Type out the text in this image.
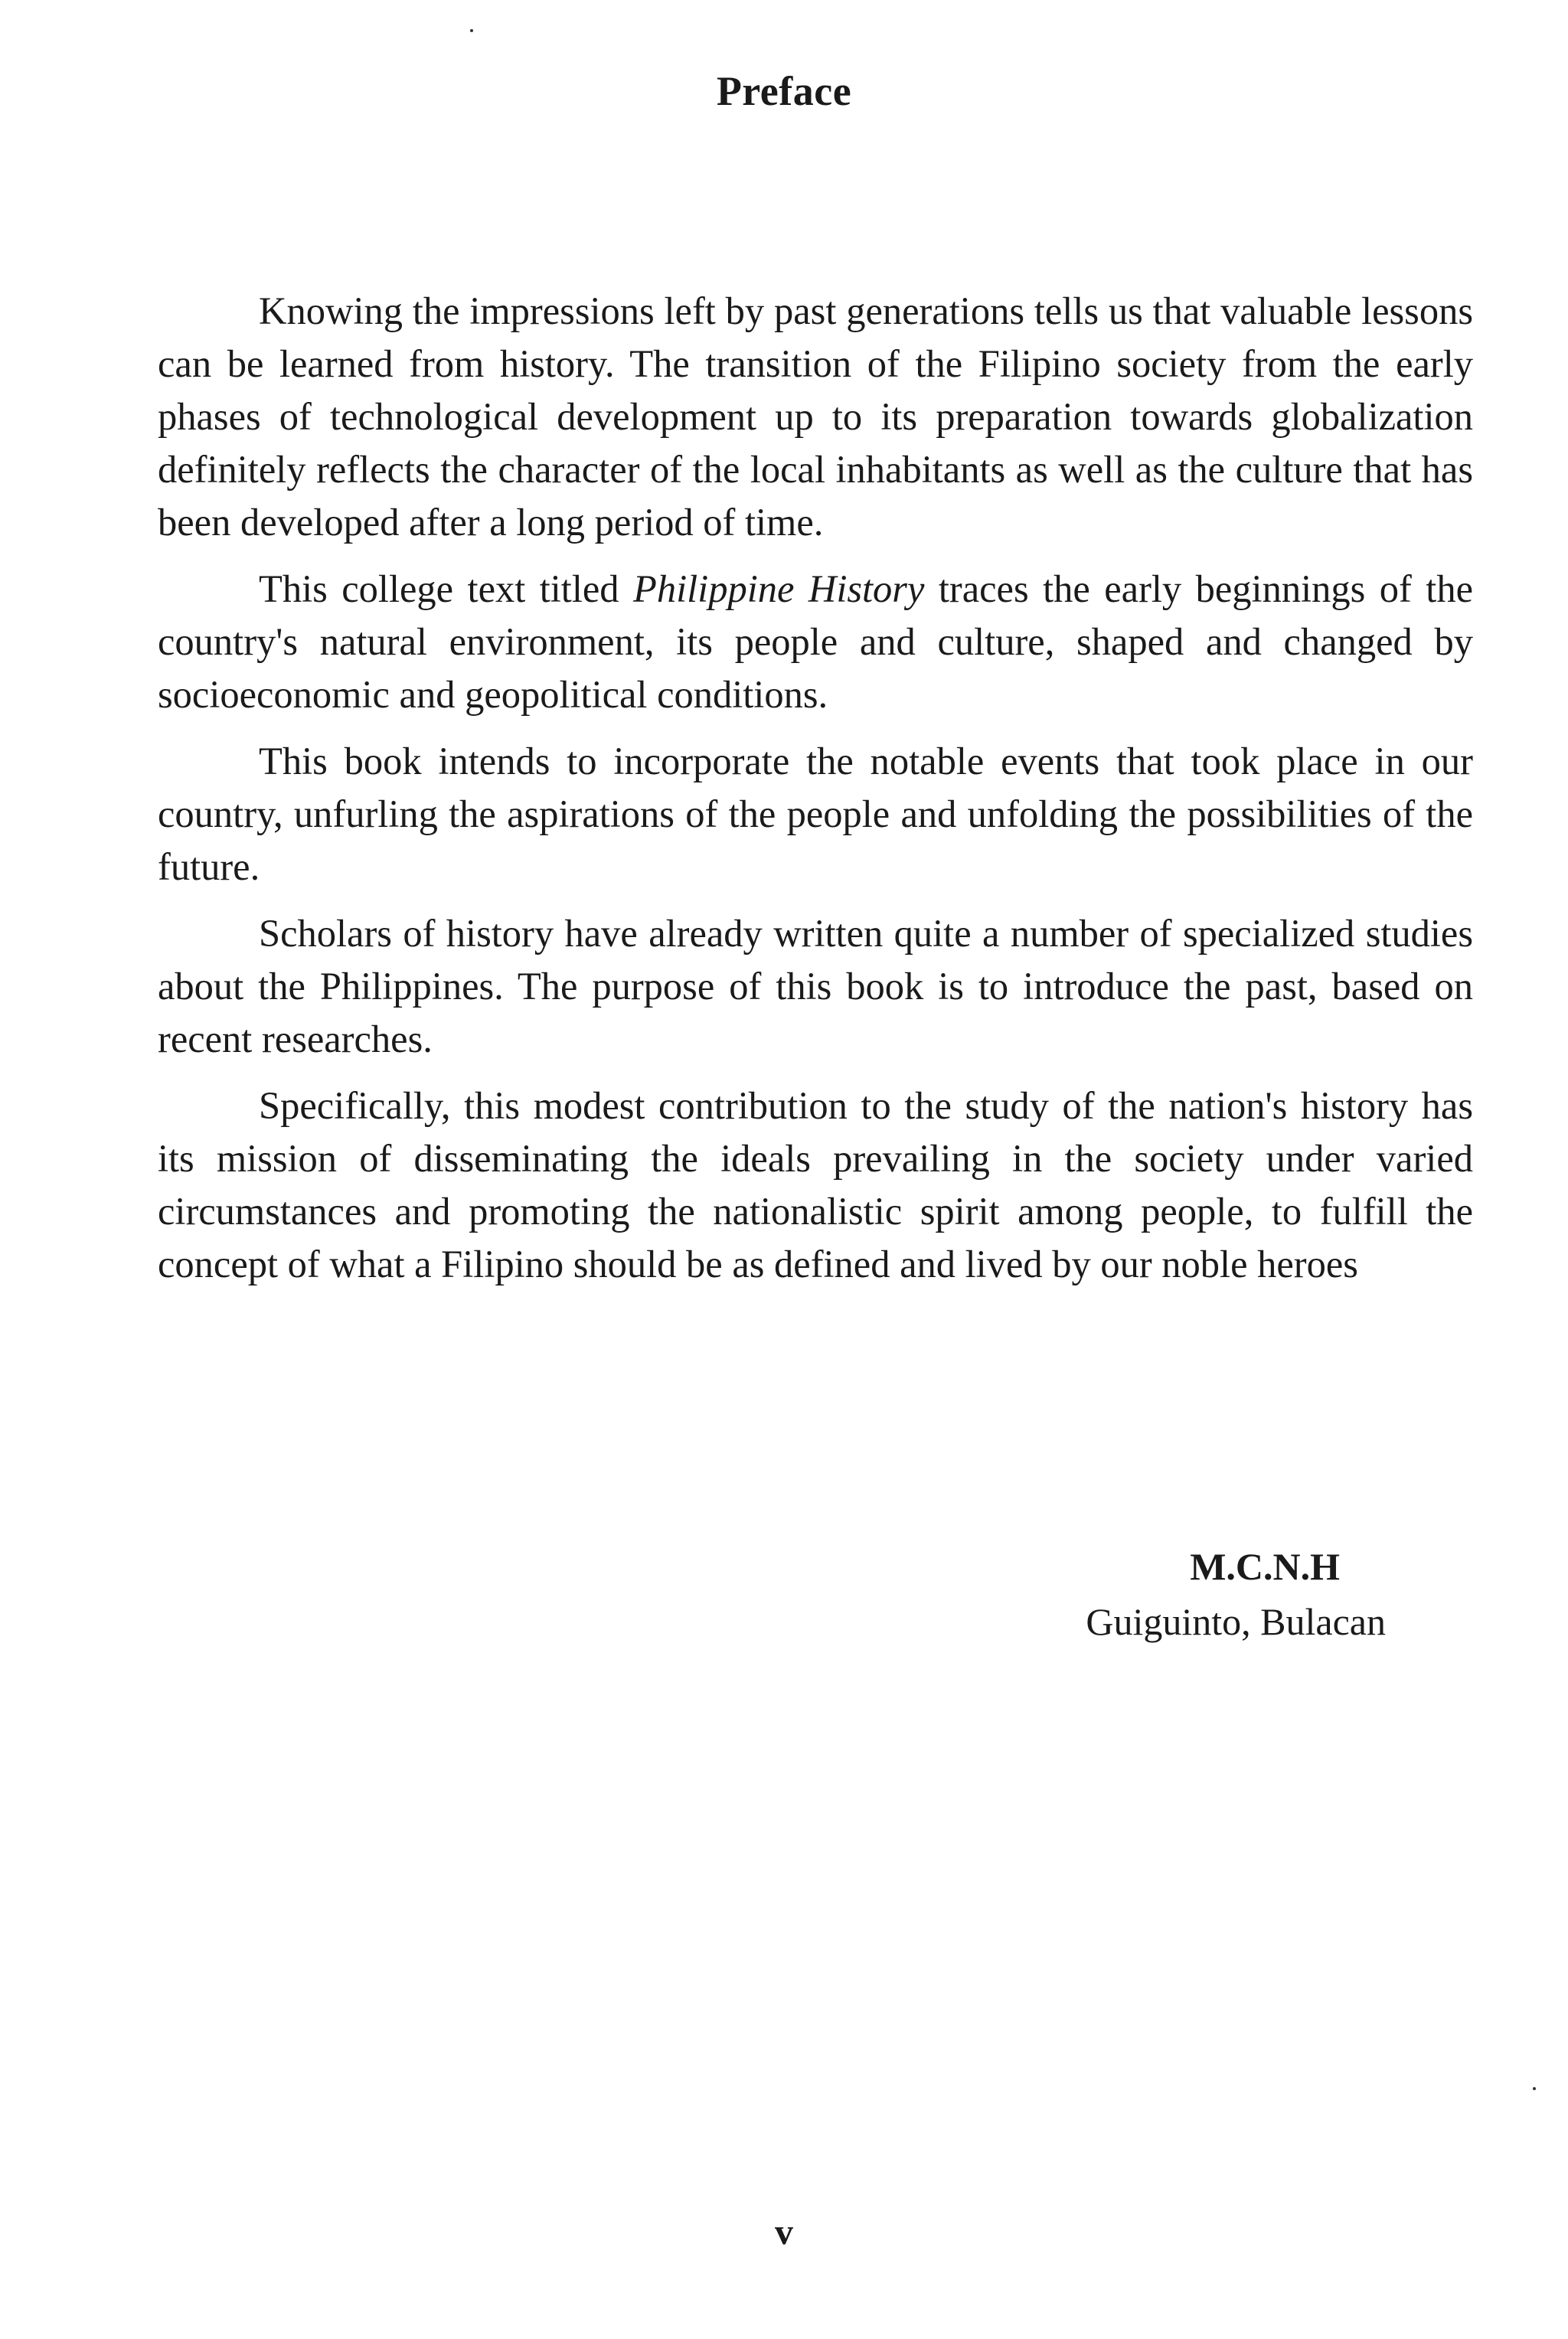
Preface

Knowing the impressions left by past generations tells us that valuable lessons can be learned from history. The transition of the Filipino society from the early phases of technological development up to its preparation towards globalization definitely reflects the character of the local inhabitants as well as the culture that has been developed after a long period of time.

This college text titled Philippine History traces the early beginnings of the country's natural environment, its people and culture, shaped and changed by socioeconomic and geopolitical conditions.

This book intends to incorporate the notable events that took place in our country, unfurling the aspirations of the people and unfolding the possibilities of the future.

Scholars of history have already written quite a number of specialized studies about the Philippines. The purpose of this book is to introduce the past, based on recent researches.

Specifically, this modest contribution to the study of the nation's history has its mission of disseminating the ideals prevailing in the society under varied circumstances and promoting the nationalistic spirit among people, to fulfill the concept of what a Filipino should be as defined and lived by our noble heroes

M.C.N.H
Guiguinto, Bulacan
v
